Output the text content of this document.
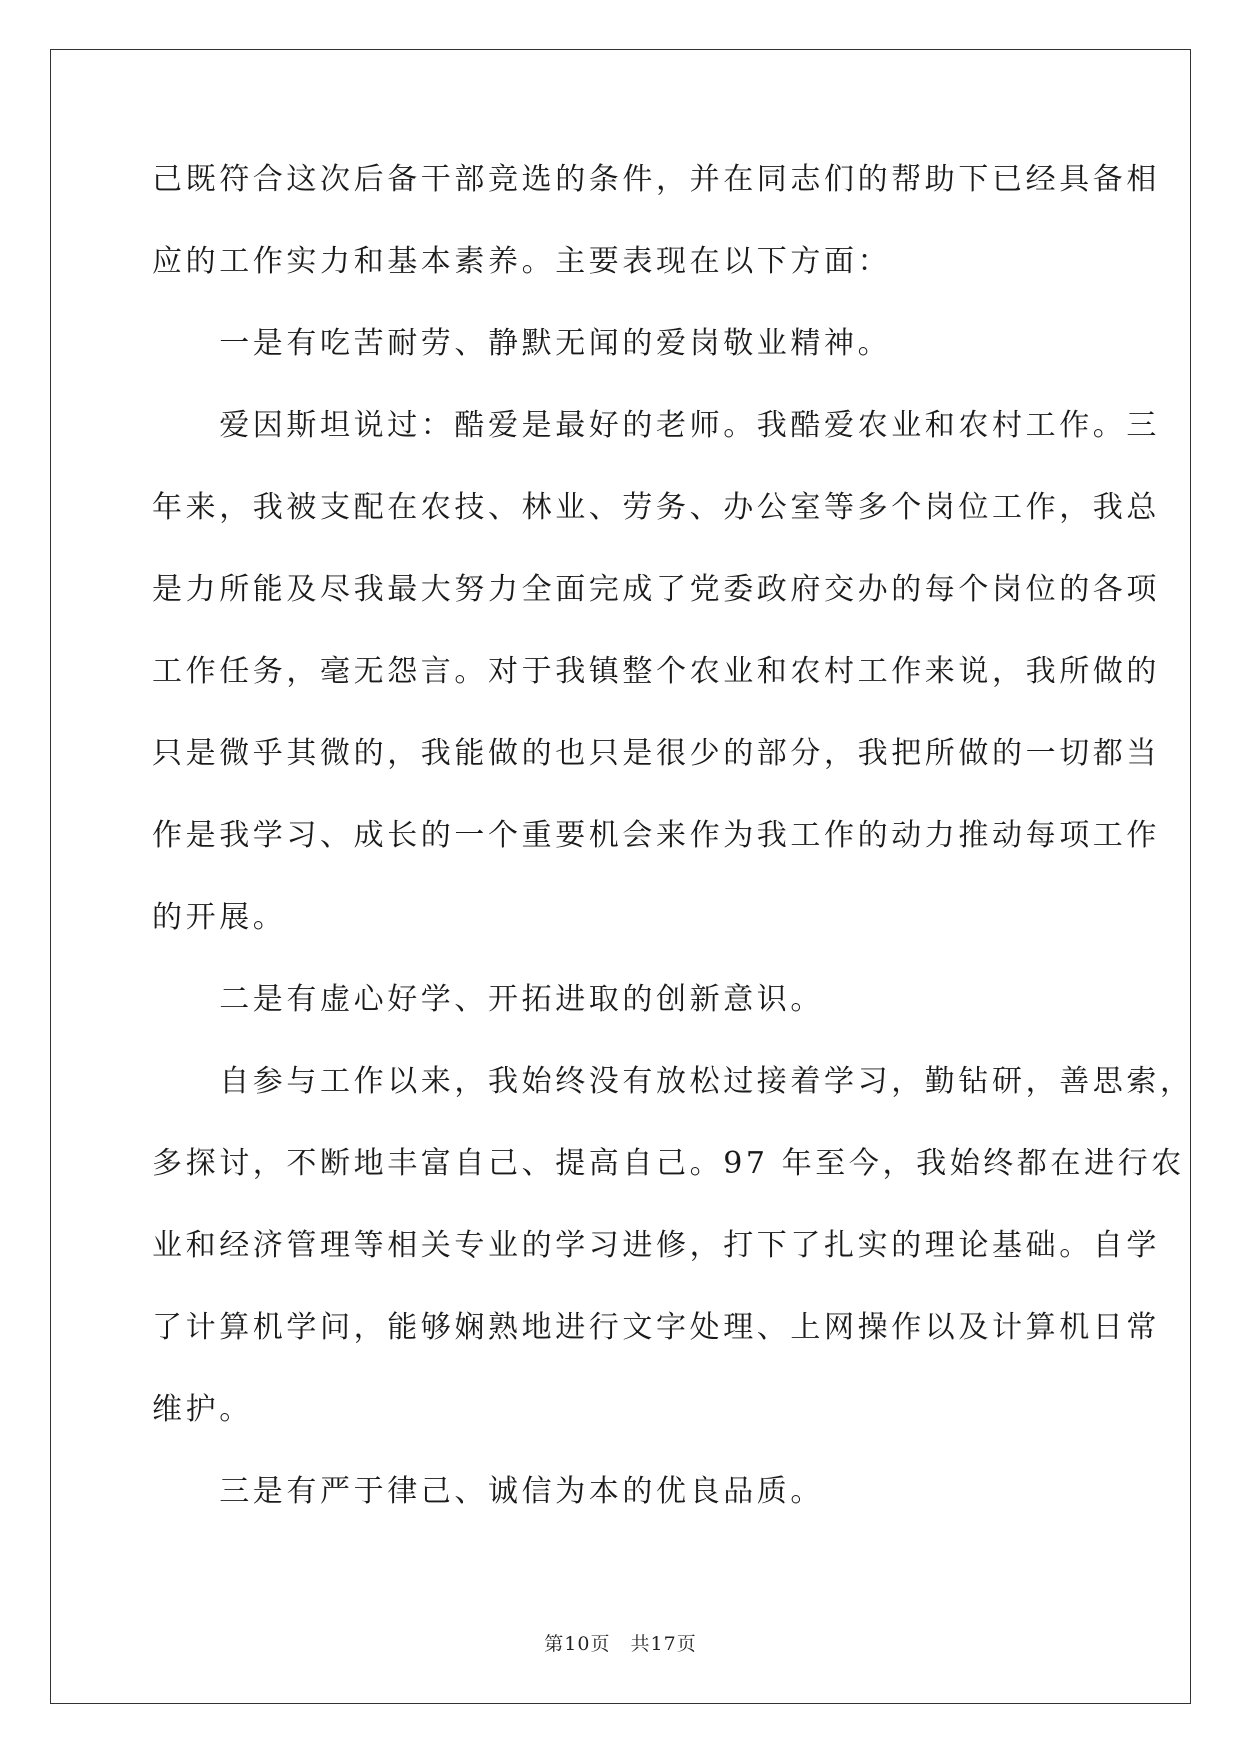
己既符合这次后备干部竞选的条件，并在同志们的帮助下已经具备相
应的工作实力和基本素养。主要表现在以下方面：
　　一是有吃苦耐劳、静默无闻的爱岗敬业精神。
　　爱因斯坦说过：酷爱是最好的老师。我酷爱农业和农村工作。三
年来，我被支配在农技、林业、劳务、办公室等多个岗位工作，我总
是力所能及尽我最大努力全面完成了党委政府交办的每个岗位的各项
工作任务，毫无怨言。对于我镇整个农业和农村工作来说，我所做的
只是微乎其微的，我能做的也只是很少的部分，我把所做的一切都当
作是我学习、成长的一个重要机会来作为我工作的动力推动每项工作
的开展。
　　二是有虚心好学、开拓进取的创新意识。
　　自参与工作以来，我始终没有放松过接着学习，勤钻研，善思索，
多探讨，不断地丰富自己、提高自己。97 年至今，我始终都在进行农
业和经济管理等相关专业的学习进修，打下了扎实的理论基础。自学
了计算机学问，能够娴熟地进行文字处理、上网操作以及计算机日常
维护。
　　三是有严于律己、诚信为本的优良品质。
第10页　共17页
